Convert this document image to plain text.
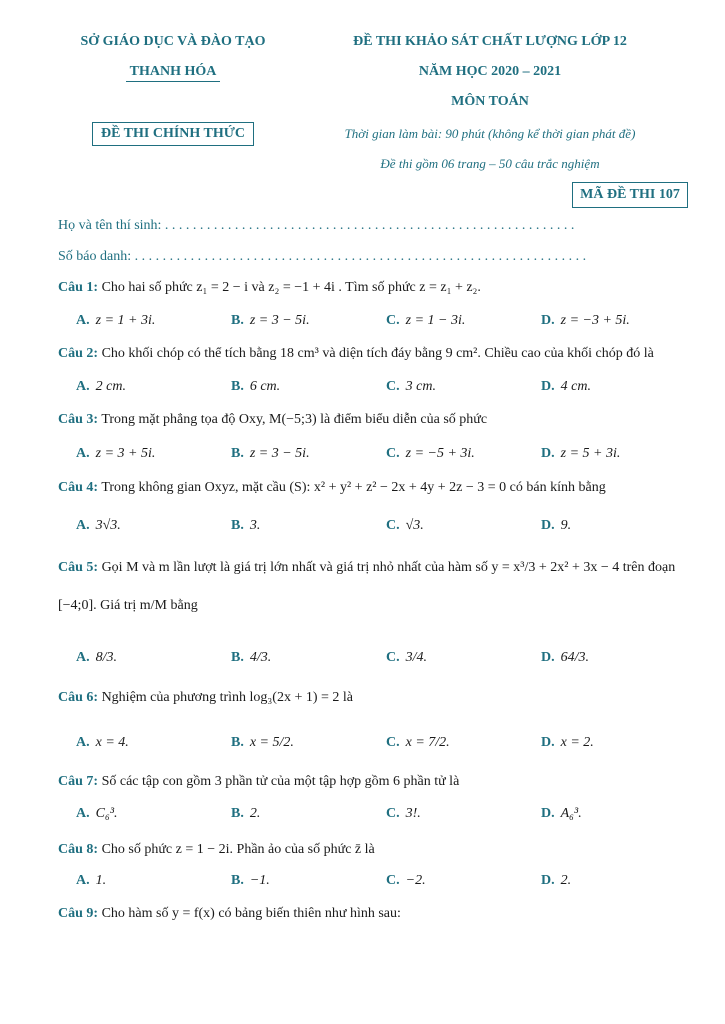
SỞ GIÁO DỤC VÀ ĐÀO TẠO
THANH HÓA
ĐỀ THI CHÍNH THỨC
ĐỀ THI KHẢO SÁT CHẤT LƯỢNG LỚP 12
NĂM HỌC 2020 – 2021
MÔN TOÁN
Thời gian làm bài: 90 phút (không kể thời gian phát đề)
Đề thi gồm 06 trang – 50 câu trắc nghiệm
MÃ ĐỀ THI 107
Họ và tên thí sinh: . . . . . . . . . . . . . . . . . . . . . . . . . . . . . . . . . . . . . . . . . . . . . . . . . . . . . . . . . . .
Số báo danh: . . . . . . . . . . . . . . . . . . . . . . . . . . . . . . . . . . . . . . . . . . . . . . . . . . . . . . . . . . . . . . . . .
Câu 1: Cho hai số phức z₁ = 2 − i và z₂ = −1 + 4i . Tìm số phức z = z₁ + z₂.
A. z = 1 + 3i.	B. z = 3 − 5i.	C. z = 1 − 3i.	D. z = −3 + 5i.
Câu 2: Cho khối chóp có thể tích bằng 18 cm³ và diện tích đáy bằng 9 cm². Chiều cao của khối chóp đó là
A. 2 cm.	B. 6 cm.	C. 3 cm.	D. 4 cm.
Câu 3: Trong mặt phẳng tọa độ Oxy, M(−5;3) là điểm biểu diễn của số phức
A. z = 3 + 5i.	B. z = 3 − 5i.	C. z = −5 + 3i.	D. z = 5 + 3i.
Câu 4: Trong không gian Oxyz, mặt cầu (S): x² + y² + z² − 2x + 4y + 2z − 3 = 0 có bán kính bằng
A. 3√3.	B. 3.	C. √3.	D. 9.
Câu 5: Gọi M và m lần lượt là giá trị lớn nhất và giá trị nhỏ nhất của hàm số y = x³/3 + 2x² + 3x − 4 trên đoạn
[−4;0]. Giá trị m/M bằng
A. 8/3.	B. 4/3.	C. 3/4.	D. 64/3.
Câu 6: Nghiệm của phương trình log₃(2x + 1) = 2 là
A. x = 4.	B. x = 5/2.	C. x = 7/2.	D. x = 2.
Câu 7: Số các tập con gồm 3 phần tử của một tập hợp gồm 6 phần tử là
A. C₆³.	B. 2.	C. 3!.	D. A₆³.
Câu 8: Cho số phức z = 1 − 2i. Phần ảo của số phức z̄ là
A. 1.	B. −1.	C. −2.	D. 2.
Câu 9: Cho hàm số y = f(x) có bảng biến thiên như hình sau:
